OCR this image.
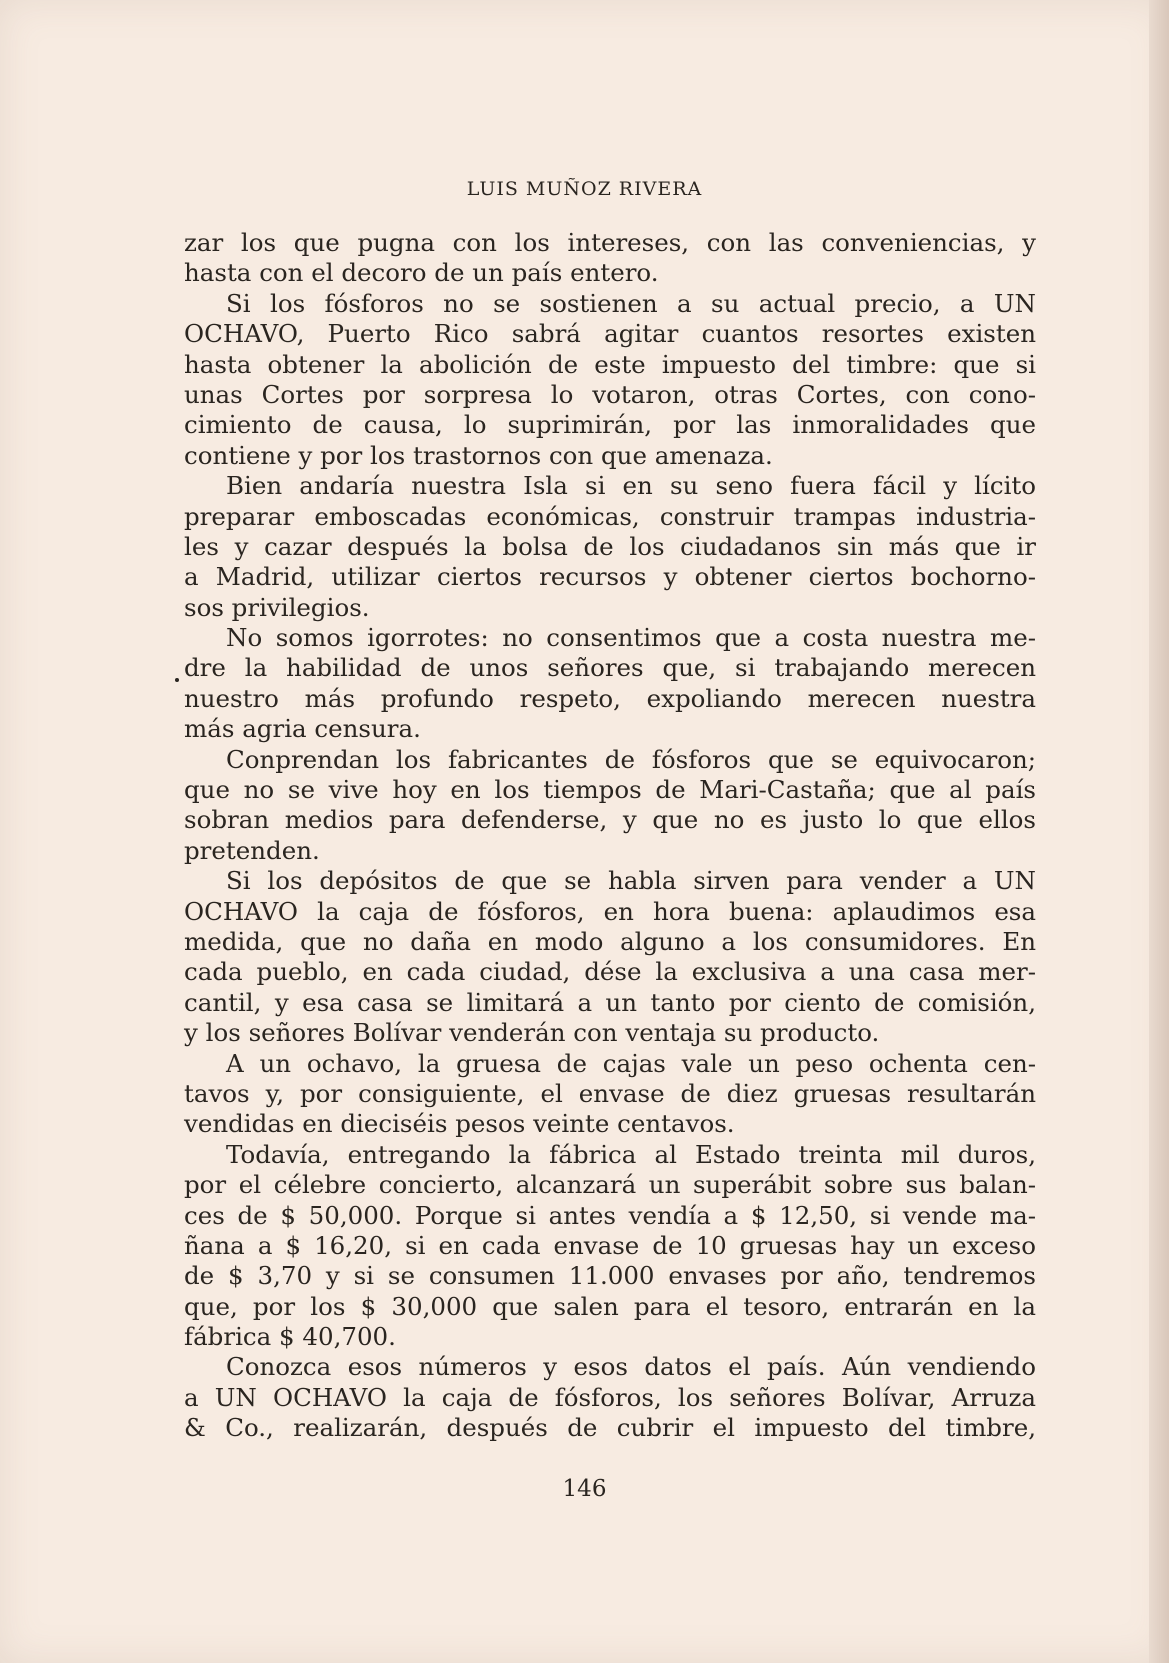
LUIS MUÑOZ RIVERA
zar los que pugna con los intereses, con las conveniencias, y
hasta con el decoro de un país entero.
Si los fósforos no se sostienen a su actual precio, a UN
OCHAVO, Puerto Rico sabrá agitar cuantos resortes existen
hasta obtener la abolición de este impuesto del timbre: que si
unas Cortes por sorpresa lo votaron, otras Cortes, con cono-
cimiento de causa, lo suprimirán, por las inmoralidades que
contiene y por los trastornos con que amenaza.
Bien andaría nuestra Isla si en su seno fuera fácil y lícito
preparar emboscadas económicas, construir trampas industria-
les y cazar después la bolsa de los ciudadanos sin más que ir
a Madrid, utilizar ciertos recursos y obtener ciertos bochorno-
sos privilegios.
No somos igorrotes: no consentimos que a costa nuestra me-
dre la habilidad de unos señores que, si trabajando merecen
nuestro más profundo respeto, expoliando merecen nuestra
más agria censura.
Conprendan los fabricantes de fósforos que se equivocaron;
que no se vive hoy en los tiempos de Mari-Castaña; que al país
sobran medios para defenderse, y que no es justo lo que ellos
pretenden.
Si los depósitos de que se habla sirven para vender a UN
OCHAVO la caja de fósforos, en hora buena: aplaudimos esa
medida, que no daña en modo alguno a los consumidores. En
cada pueblo, en cada ciudad, dése la exclusiva a una casa mer-
cantil, y esa casa se limitará a un tanto por ciento de comisión,
y los señores Bolívar venderán con ventaja su producto.
A un ochavo, la gruesa de cajas vale un peso ochenta cen-
tavos y, por consiguiente, el envase de diez gruesas resultarán
vendidas en dieciséis pesos veinte centavos.
Todavía, entregando la fábrica al Estado treinta mil duros,
por el célebre concierto, alcanzará un superábit sobre sus balan-
ces de $ 50,000. Porque si antes vendía a $ 12,50, si vende ma-
ñana a $ 16,20, si en cada envase de 10 gruesas hay un exceso
de $ 3,70 y si se consumen 11.000 envases por año, tendremos
que, por los $ 30,000 que salen para el tesoro, entrarán en la
fábrica $ 40,700.
Conozca esos números y esos datos el país. Aún vendiendo
a UN OCHAVO la caja de fósforos, los señores Bolívar, Arruza
& Co., realizarán, después de cubrir el impuesto del timbre,
146
